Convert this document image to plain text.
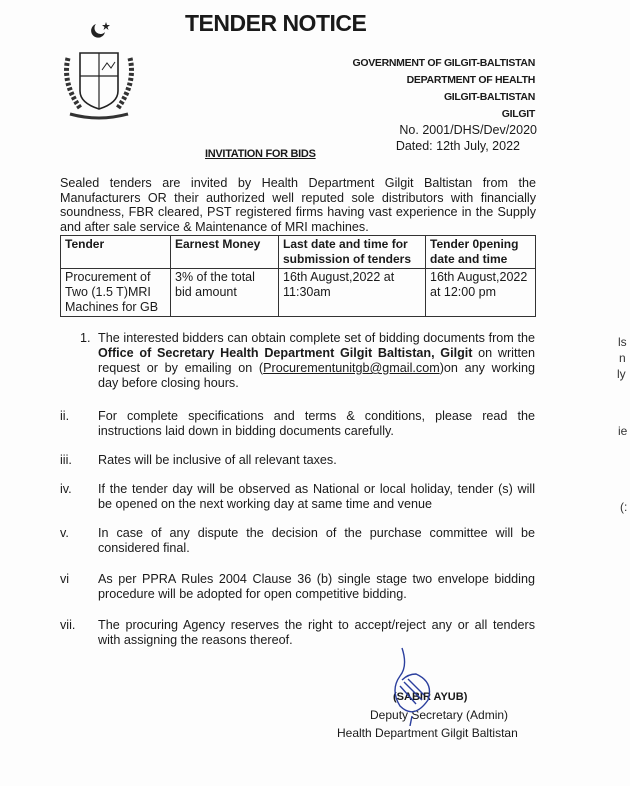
TENDER NOTICE
GOVERNMENT OF GILGIT-BALTISTAN
DEPARTMENT OF HEALTH
GILGIT-BALTISTAN
GILGIT
No. 2001/DHS/Dev/2020
Dated: 12th July, 2022
INVITATION FOR BIDS
Sealed tenders are invited by Health Department Gilgit Baltistan from the Manufacturers OR their authorized well reputed sole distributors with financially soundness, FBR cleared, PST registered firms having vast experience in the Supply and after sale service & Maintenance of MRI machines.
Tender	Earnest Money	Last date and time for submission of tenders	Tender 0pening date and time
Procurement of Two (1.5 T)MRI Machines for GB	3% of the total bid amount	16th August,2022 at 11:30am	16th August,2022 at 12:00 pm
1. The interested bidders can obtain complete set of bidding documents from the Office of Secretary Health Department Gilgit Baltistan, Gilgit on written request or by emailing on (Procurementunitgb@gmail.com)on any working day before closing hours.
ii. For complete specifications and terms & conditions, please read the instructions laid down in bidding documents carefully.
iii. Rates will be inclusive of all relevant taxes.
iv. If the tender day will be observed as National or local holiday, tender (s) will be opened on the next working day at same time and venue
v. In case of any dispute the decision of the purchase committee will be considered final.
vi As per PPRA Rules 2004 Clause 36 (b) single stage two envelope bidding procedure will be adopted for open competitive bidding.
vii. The procuring Agency reserves the right to accept/reject any or all tenders with assigning the reasons thereof.
(SABIR AYUB)
Deputy Secretary (Admin)
Health Department Gilgit Baltistan
ls
n
ly
ie
(:
